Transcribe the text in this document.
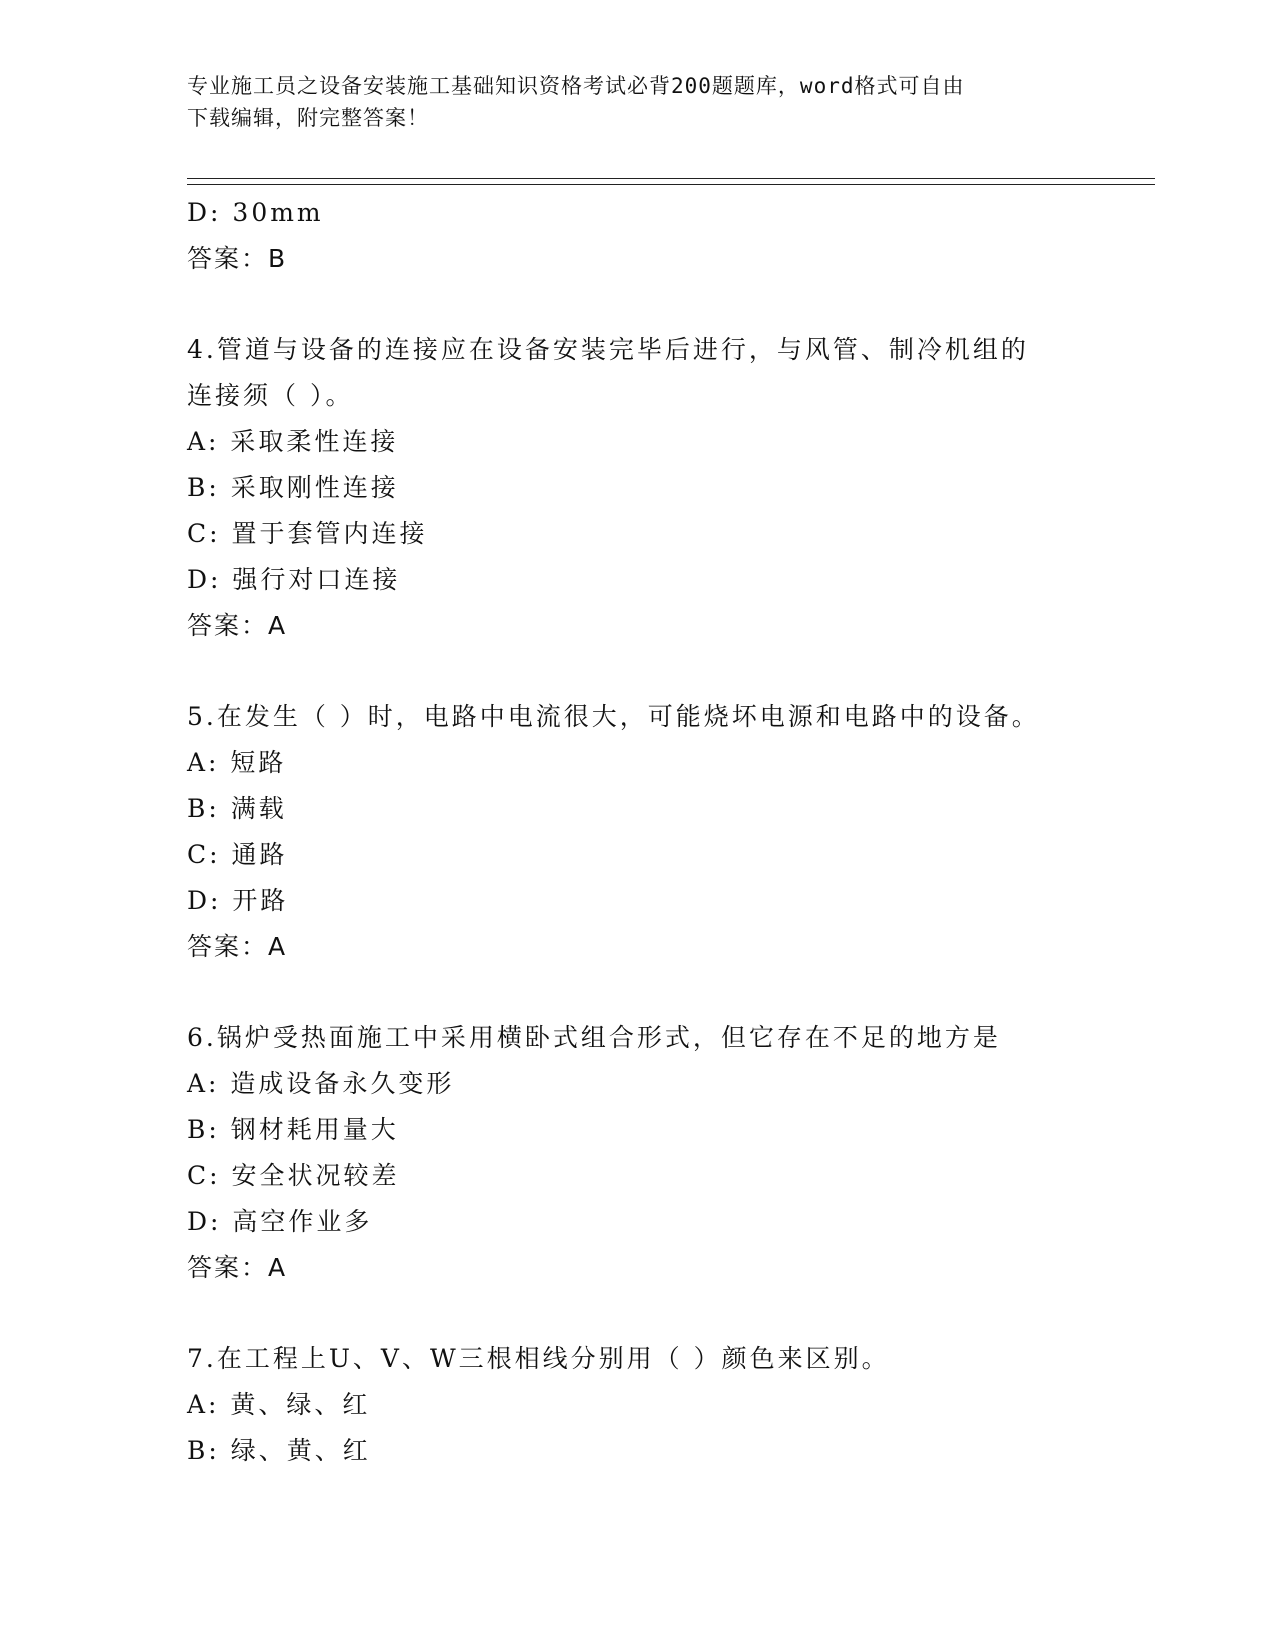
专业施工员之设备安装施工基础知识资格考试必背200题题库，word格式可自由
下载编辑，附完整答案！
D: 30mm
答案：B
4.管道与设备的连接应在设备安装完毕后进行，与风管、制冷机组的
连接须（ ）。
A: 采取柔性连接
B: 采取刚性连接
C: 置于套管内连接
D: 强行对口连接
答案：A
5.在发生（ ）时，电路中电流很大，可能烧坏电源和电路中的设备。
A: 短路
B: 满载
C: 通路
D: 开路
答案：A
6.锅炉受热面施工中采用横卧式组合形式，但它存在不足的地方是
A: 造成设备永久变形
B: 钢材耗用量大
C: 安全状况较差
D: 高空作业多
答案：A
7.在工程上U、V、W三根相线分别用（ ）颜色来区别。
A: 黄、绿、红
B: 绿、黄、红
